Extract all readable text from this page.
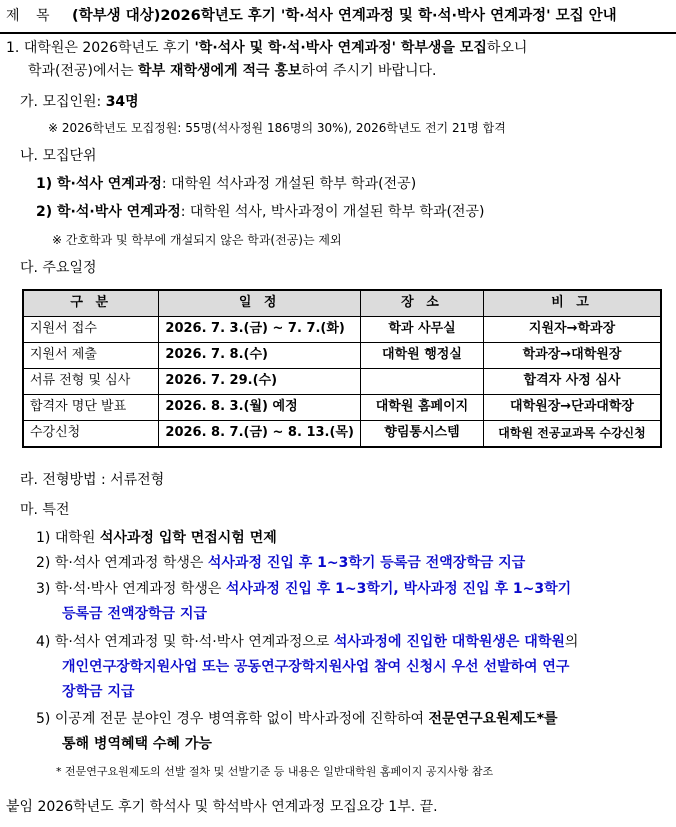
제 목 (학부생 대상)2026학년도 후기 '학·석사 연계과정 및 학·석·박사 연계과정' 모집 안내
1. 대학원은 2026학년도 후기 '학·석사 및 학·석·박사 연계과정' 학부생을 모집하오니
학과(전공)에서는 학부 재학생에게 적극 홍보하여 주시기 바랍니다.
가. 모집인원: 34명
※ 2026학년도 모집정원: 55명(석사정원 186명의 30%), 2026학년도 전기 21명 합격
나. 모집단위
1) 학·석사 연계과정: 대학원 석사과정 개설된 학부 학과(전공)
2) 학·석·박사 연계과정: 대학원 석사, 박사과정이 개설된 학부 학과(전공)
※ 간호학과 및 학부에 개설되지 않은 학과(전공)는 제외
다. 주요일정
구 분	일 정	장 소	비 고
지원서 접수	2026. 7. 3.(금) ~ 7. 7.(화)	학과 사무실	지원자→학과장
지원서 제출	2026. 7. 8.(수)	대학원 행정실	학과장→대학원장
서류 전형 및 심사	2026. 7. 29.(수)		합격자 사정 심사
합격자 명단 발표	2026. 8. 3.(월) 예정	대학원 홈페이지	대학원장→단과대학장
수강신청	2026. 8. 7.(금) ~ 8. 13.(목)	향림통시스템	대학원 전공교과목 수강신청
라. 전형방법 : 서류전형
마. 특전
1) 대학원 석사과정 입학 면접시험 면제
2) 학·석사 연계과정 학생은 석사과정 진입 후 1~3학기 등록금 전액장학금 지급
3) 학·석·박사 연계과정 학생은 석사과정 진입 후 1~3학기, 박사과정 진입 후 1~3학기
등록금 전액장학금 지급
4) 학·석사 연계과정 및 학·석·박사 연계과정으로 석사과정에 진입한 대학원생은 대학원의
개인연구장학지원사업 또는 공동연구장학지원사업 참여 신청시 우선 선발하여 연구
장학금 지급
5) 이공계 전문 분야인 경우 병역휴학 없이 박사과정에 진학하여 전문연구요원제도*를
통해 병역혜택 수혜 가능
* 전문연구요원제도의 선발 절차 및 선발기준 등 내용은 일반대학원 홈페이지 공지사항 참조
붙임 2026학년도 후기 학석사 및 학석박사 연계과정 모집요강 1부. 끝.
